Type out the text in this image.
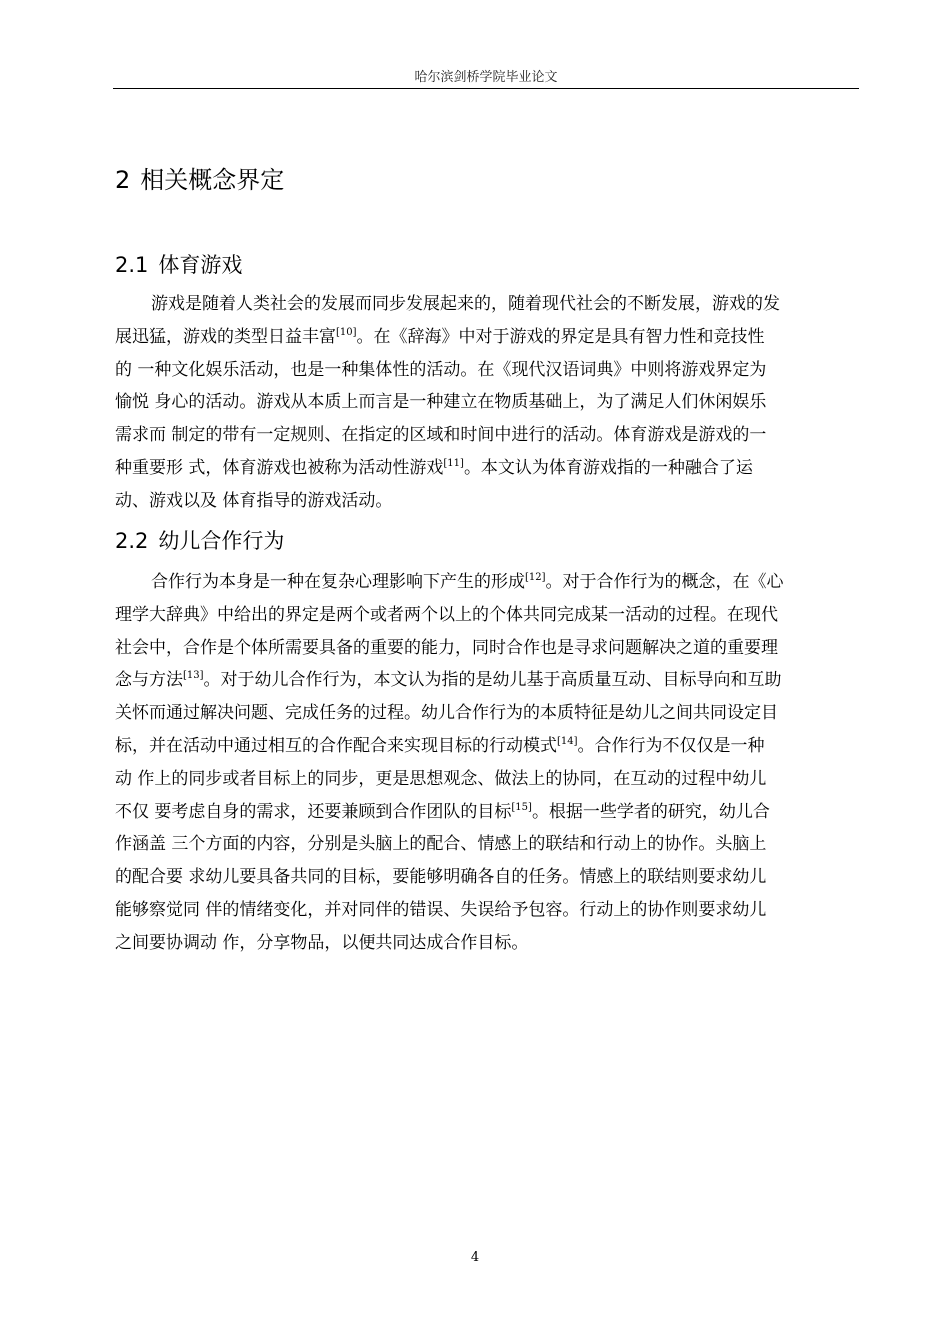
哈尔滨剑桥学院毕业论文
2 相关概念界定
2.1 体育游戏
游戏是随着人类社会的发展而同步发展起来的，随着现代社会的不断发展，游戏的发
展迅猛，游戏的类型日益丰富[10]。在《辞海》中对于游戏的界定是具有智力性和竞技性
的 一种文化娱乐活动，也是一种集体性的活动。在《现代汉语词典》中则将游戏界定为
愉悦 身心的活动。游戏从本质上而言是一种建立在物质基础上，为了满足人们休闲娱乐
需求而 制定的带有一定规则、在指定的区域和时间中进行的活动。体育游戏是游戏的一
种重要形 式，体育游戏也被称为活动性游戏[11]。本文认为体育游戏指的一种融合了运
动、游戏以及 体育指导的游戏活动。
2.2 幼儿合作行为
合作行为本身是一种在复杂心理影响下产生的形成[12]。对于合作行为的概念，在《心
理学大辞典》中给出的界定是两个或者两个以上的个体共同完成某一活动的过程。在现代
社会中，合作是个体所需要具备的重要的能力，同时合作也是寻求问题解决之道的重要理
念与方法[13]。对于幼儿合作行为，本文认为指的是幼儿基于高质量互动、目标导向和互助
关怀而通过解决问题、完成任务的过程。幼儿合作行为的本质特征是幼儿之间共同设定目
标，并在活动中通过相互的合作配合来实现目标的行动模式[14]。合作行为不仅仅是一种
动 作上的同步或者目标上的同步，更是思想观念、做法上的协同，在互动的过程中幼儿
不仅 要考虑自身的需求，还要兼顾到合作团队的目标[15]。根据一些学者的研究，幼儿合
作涵盖 三个方面的内容，分别是头脑上的配合、情感上的联结和行动上的协作。头脑上
的配合要 求幼儿要具备共同的目标，要能够明确各自的任务。情感上的联结则要求幼儿
能够察觉同 伴的情绪变化，并对同伴的错误、失误给予包容。行动上的协作则要求幼儿
之间要协调动 作，分享物品，以便共同达成合作目标。
4
